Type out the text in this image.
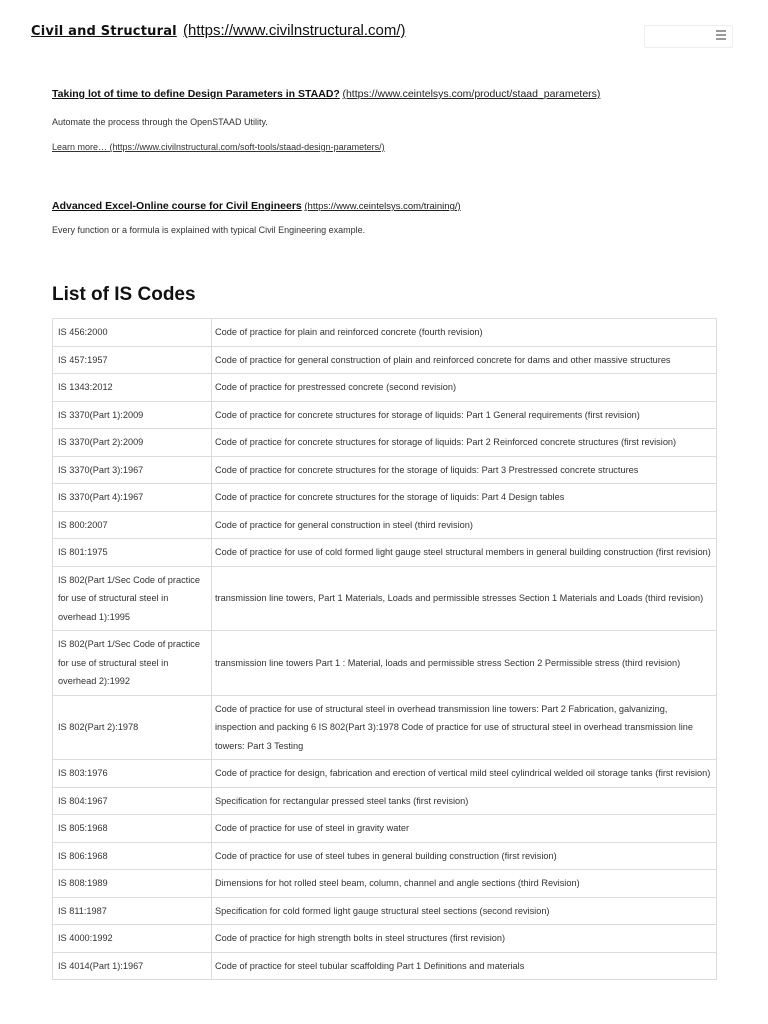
Civil and Structural (https://www.civilnstructural.com/)
Taking lot of time to define Design Parameters in STAAD? (https://www.ceintelsys.com/product/staad_parameters)
Automate the process through the OpenSTAAD Utility.
Learn more… (https://www.civilnstructural.com/soft-tools/staad-design-parameters/)
Advanced Excel-Online course for Civil Engineers (https://www.ceintelsys.com/training/)
Every function or a formula is explained with typical Civil Engineering example.
List of IS Codes
IS 456:2000	Code of practice for plain and reinforced concrete (fourth revision)
IS 457:1957	Code of practice for general construction of plain and reinforced concrete for dams and other massive structures
IS 1343:2012	Code of practice for prestressed concrete (second revision)
IS 3370(Part 1):2009	Code of practice for concrete structures for storage of liquids: Part 1 General requirements (first revision)
IS 3370(Part 2):2009	Code of practice for concrete structures for storage of liquids: Part 2 Reinforced concrete structures (first revision)
IS 3370(Part 3):1967	Code of practice for concrete structures for the storage of liquids: Part 3 Prestressed concrete structures
IS 3370(Part 4):1967	Code of practice for concrete structures for the storage of liquids: Part 4 Design tables
IS 800:2007	Code of practice for general construction in steel (third revision)
IS 801:1975	Code of practice for use of cold formed light gauge steel structural members in general building construction (first revision)
IS 802(Part 1/Sec Code of practice for use of structural steel in overhead 1):1995	transmission line towers, Part 1 Materials, Loads and permissible stresses Section 1 Materials and Loads (third revision)
IS 802(Part 1/Sec Code of practice for use of structural steel in overhead 2):1992	transmission line towers Part 1 : Material, loads and permissible stress Section 2 Permissible stress (third revision)
IS 802(Part 2):1978	Code of practice for use of structural steel in overhead transmission line towers: Part 2 Fabrication, galvanizing, inspection and packing 6 IS 802(Part 3):1978 Code of practice for use of structural steel in overhead transmission line towers: Part 3 Testing
IS 803:1976	Code of practice for design, fabrication and erection of vertical mild steel cylindrical welded oil storage tanks (first revision)
IS 804:1967	Specification for rectangular pressed steel tanks (first revision)
IS 805:1968	Code of practice for use of steel in gravity water
IS 806:1968	Code of practice for use of steel tubes in general building construction (first revision)
IS 808:1989	Dimensions for hot rolled steel beam, column, channel and angle sections (third Revision)
IS 811:1987	Specification for cold formed light gauge structural steel sections (second revision)
IS 4000:1992	Code of practice for high strength bolts in steel structures (first revision)
IS 4014(Part 1):1967	Code of practice for steel tubular scaffolding Part 1 Definitions and materials
